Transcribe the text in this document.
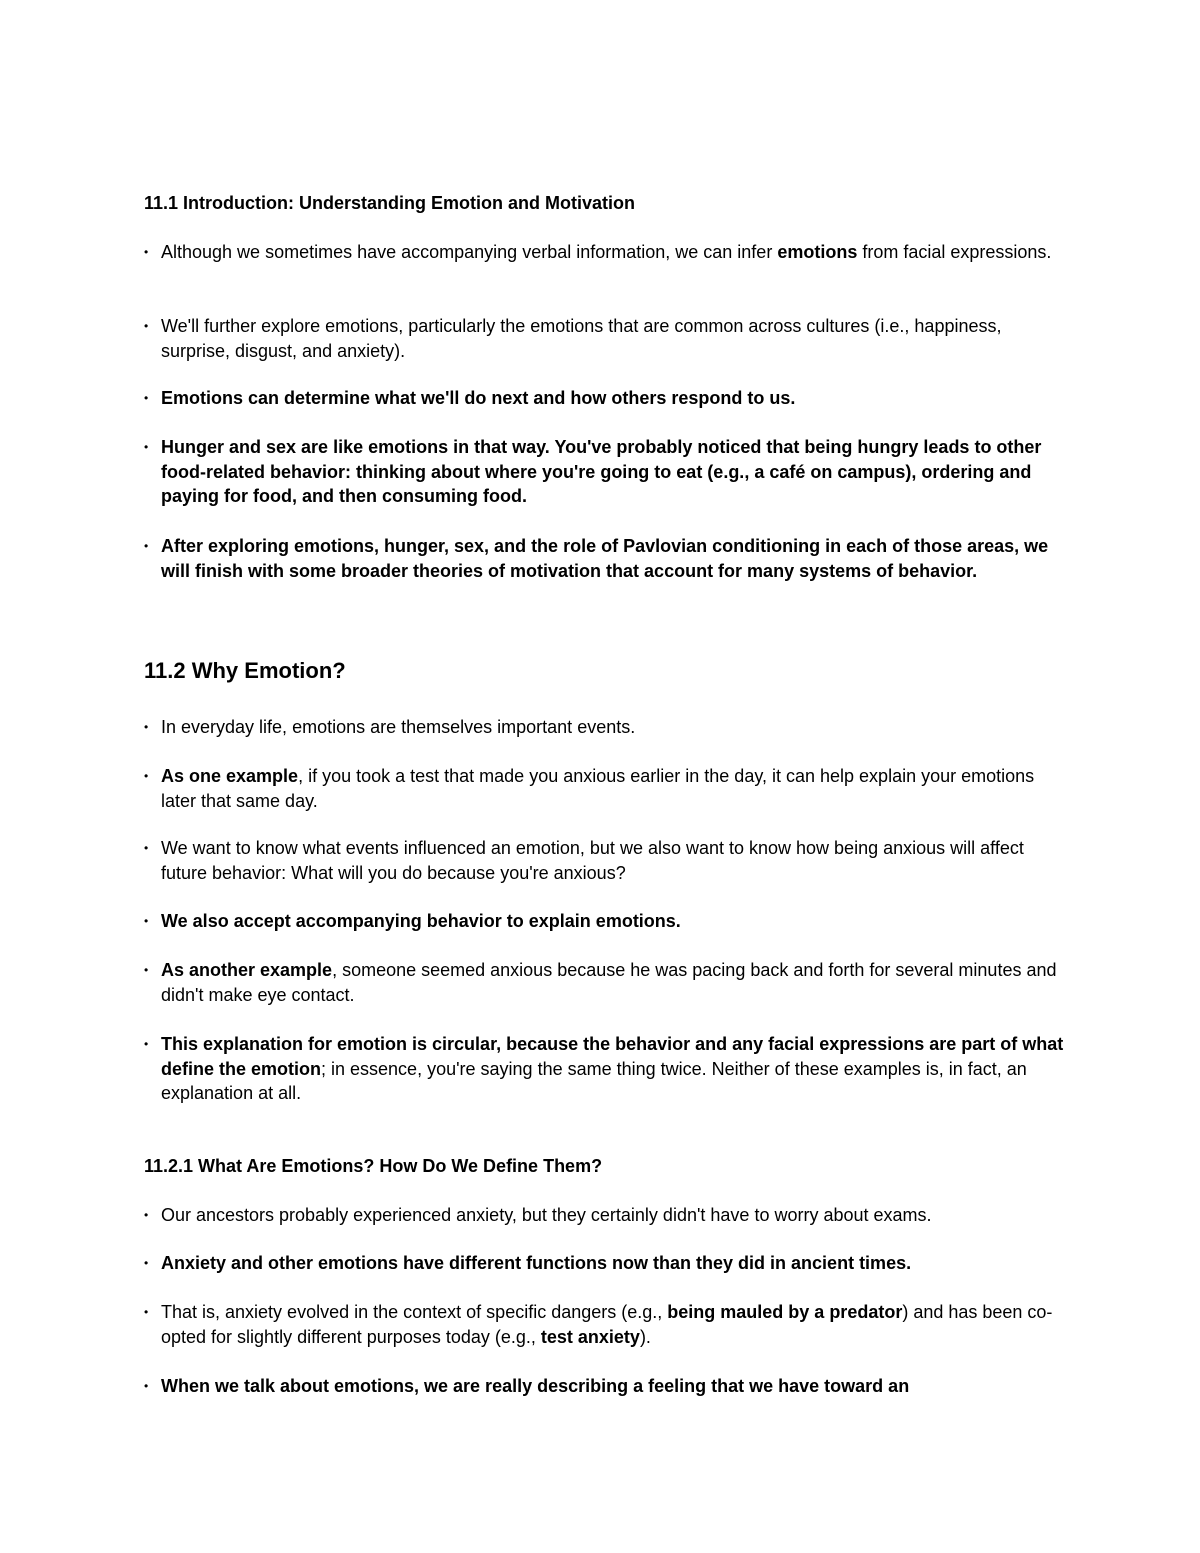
11.1 Introduction: Understanding Emotion and Motivation
• Although we sometimes have accompanying verbal information, we can infer emotions from facial expressions.
• We'll further explore emotions, particularly the emotions that are common across cultures (i.e., happiness, surprise, disgust, and anxiety).
• Emotions can determine what we'll do next and how others respond to us.
• Hunger and sex are like emotions in that way. You've probably noticed that being hungry leads to other food-related behavior: thinking about where you're going to eat (e.g., a café on campus), ordering and paying for food, and then consuming food.
• After exploring emotions, hunger, sex, and the role of Pavlovian conditioning in each of those areas, we will finish with some broader theories of motivation that account for many systems of behavior.
11.2 Why Emotion?
• In everyday life, emotions are themselves important events.
• As one example, if you took a test that made you anxious earlier in the day, it can help explain your emotions later that same day.
• We want to know what events influenced an emotion, but we also want to know how being anxious will affect future behavior: What will you do because you're anxious?
• We also accept accompanying behavior to explain emotions.
• As another example, someone seemed anxious because he was pacing back and forth for several minutes and didn't make eye contact.
• This explanation for emotion is circular, because the behavior and any facial expressions are part of what define the emotion; in essence, you're saying the same thing twice. Neither of these examples is, in fact, an explanation at all.
11.2.1 What Are Emotions? How Do We Define Them?
• Our ancestors probably experienced anxiety, but they certainly didn't have to worry about exams.
• Anxiety and other emotions have different functions now than they did in ancient times.
• That is, anxiety evolved in the context of specific dangers (e.g., being mauled by a predator) and has been co-opted for slightly different purposes today (e.g., test anxiety).
• When we talk about emotions, we are really describing a feeling that we have toward an
